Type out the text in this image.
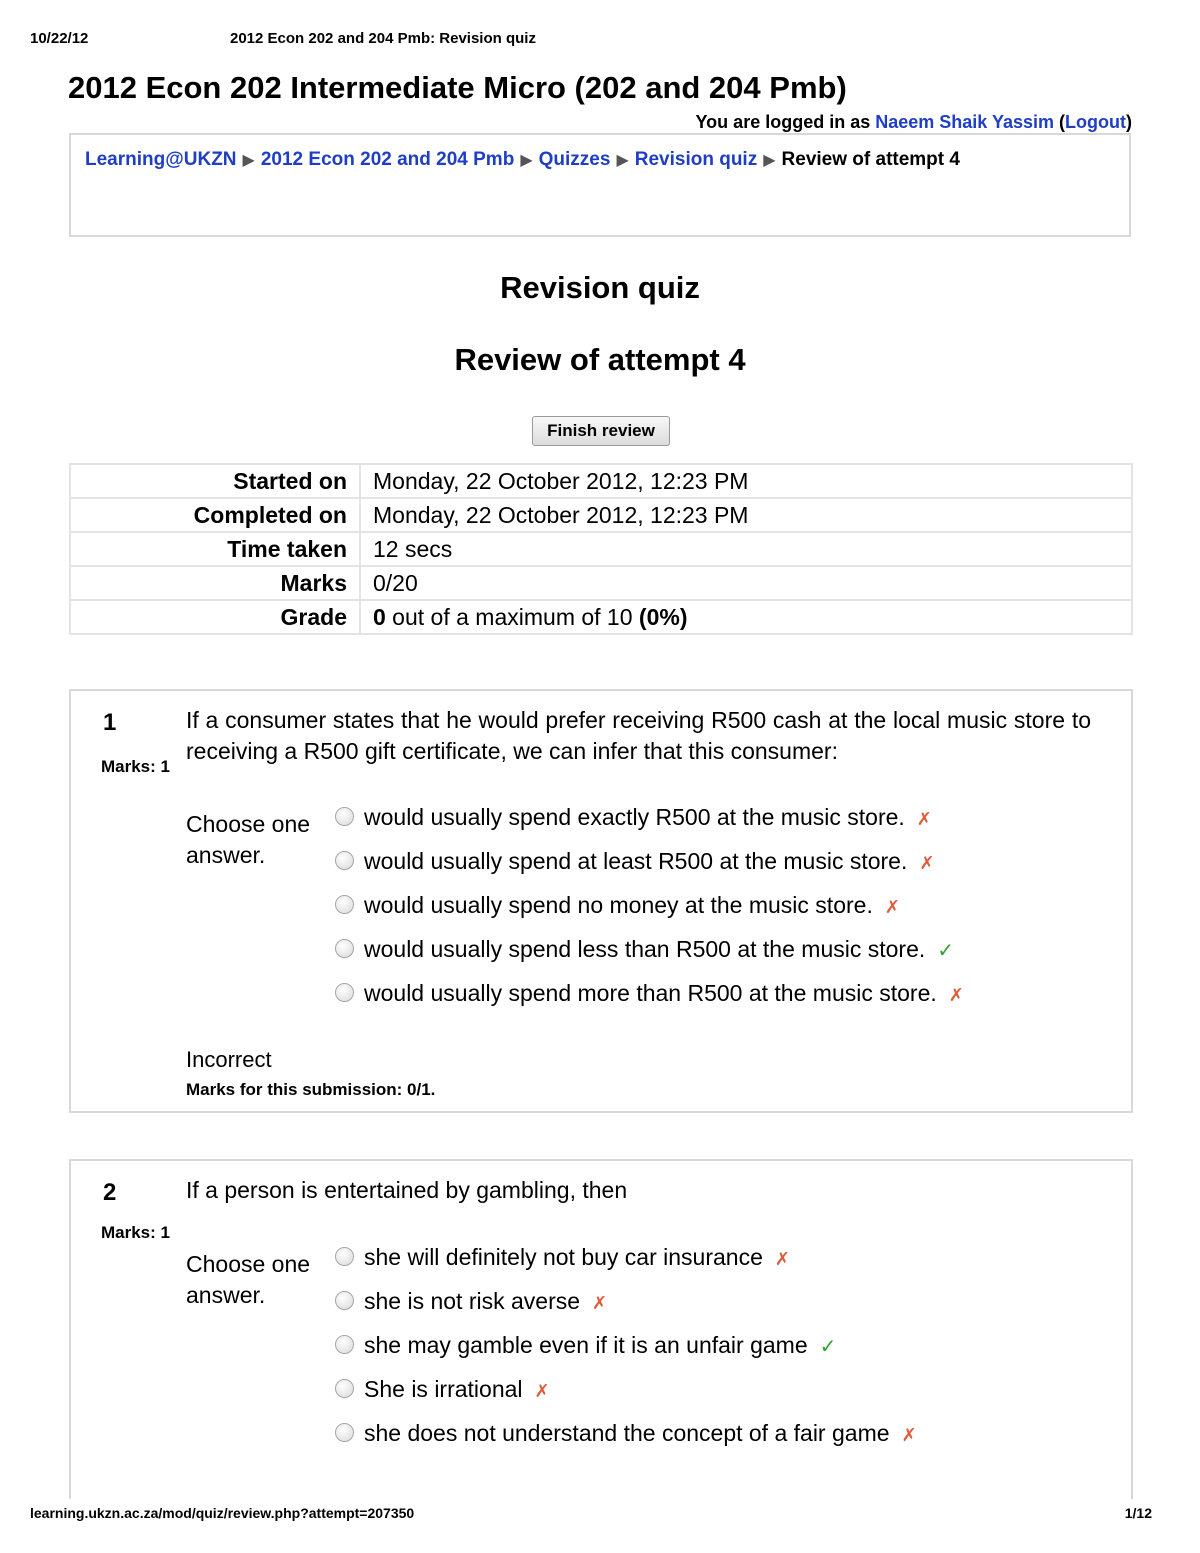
10/22/12	2012 Econ 202 and 204 Pmb: Revision quiz
2012 Econ 202 Intermediate Micro (202 and 204 Pmb)
You are logged in as Naeem Shaik Yassim (Logout)
Learning@UKZN ▶ 2012 Econ 202 and 204 Pmb ▶ Quizzes ▶ Revision quiz ▶ Review of attempt 4
Revision quiz
Review of attempt 4
Finish review
Started on	Monday, 22 October 2012, 12:23 PM
Completed on	Monday, 22 October 2012, 12:23 PM
Time taken	12 secs
Marks	0/20
Grade	0 out of a maximum of 10 (0%)
1
Marks: 1
If a consumer states that he would prefer receiving R500 cash at the local music store to receiving a R500 gift certificate, we can infer that this consumer:
Choose one answer.
would usually spend exactly R500 at the music store. ✗
would usually spend at least R500 at the music store. ✗
would usually spend no money at the music store. ✗
would usually spend less than R500 at the music store. ✓
would usually spend more than R500 at the music store. ✗
Incorrect
Marks for this submission: 0/1.
2
Marks: 1
If a person is entertained by gambling, then
Choose one answer.
she will definitely not buy car insurance ✗
she is not risk averse ✗
she may gamble even if it is an unfair game ✓
She is irrational ✗
she does not understand the concept of a fair game ✗
learning.ukzn.ac.za/mod/quiz/review.php?attempt=207350	1/12
